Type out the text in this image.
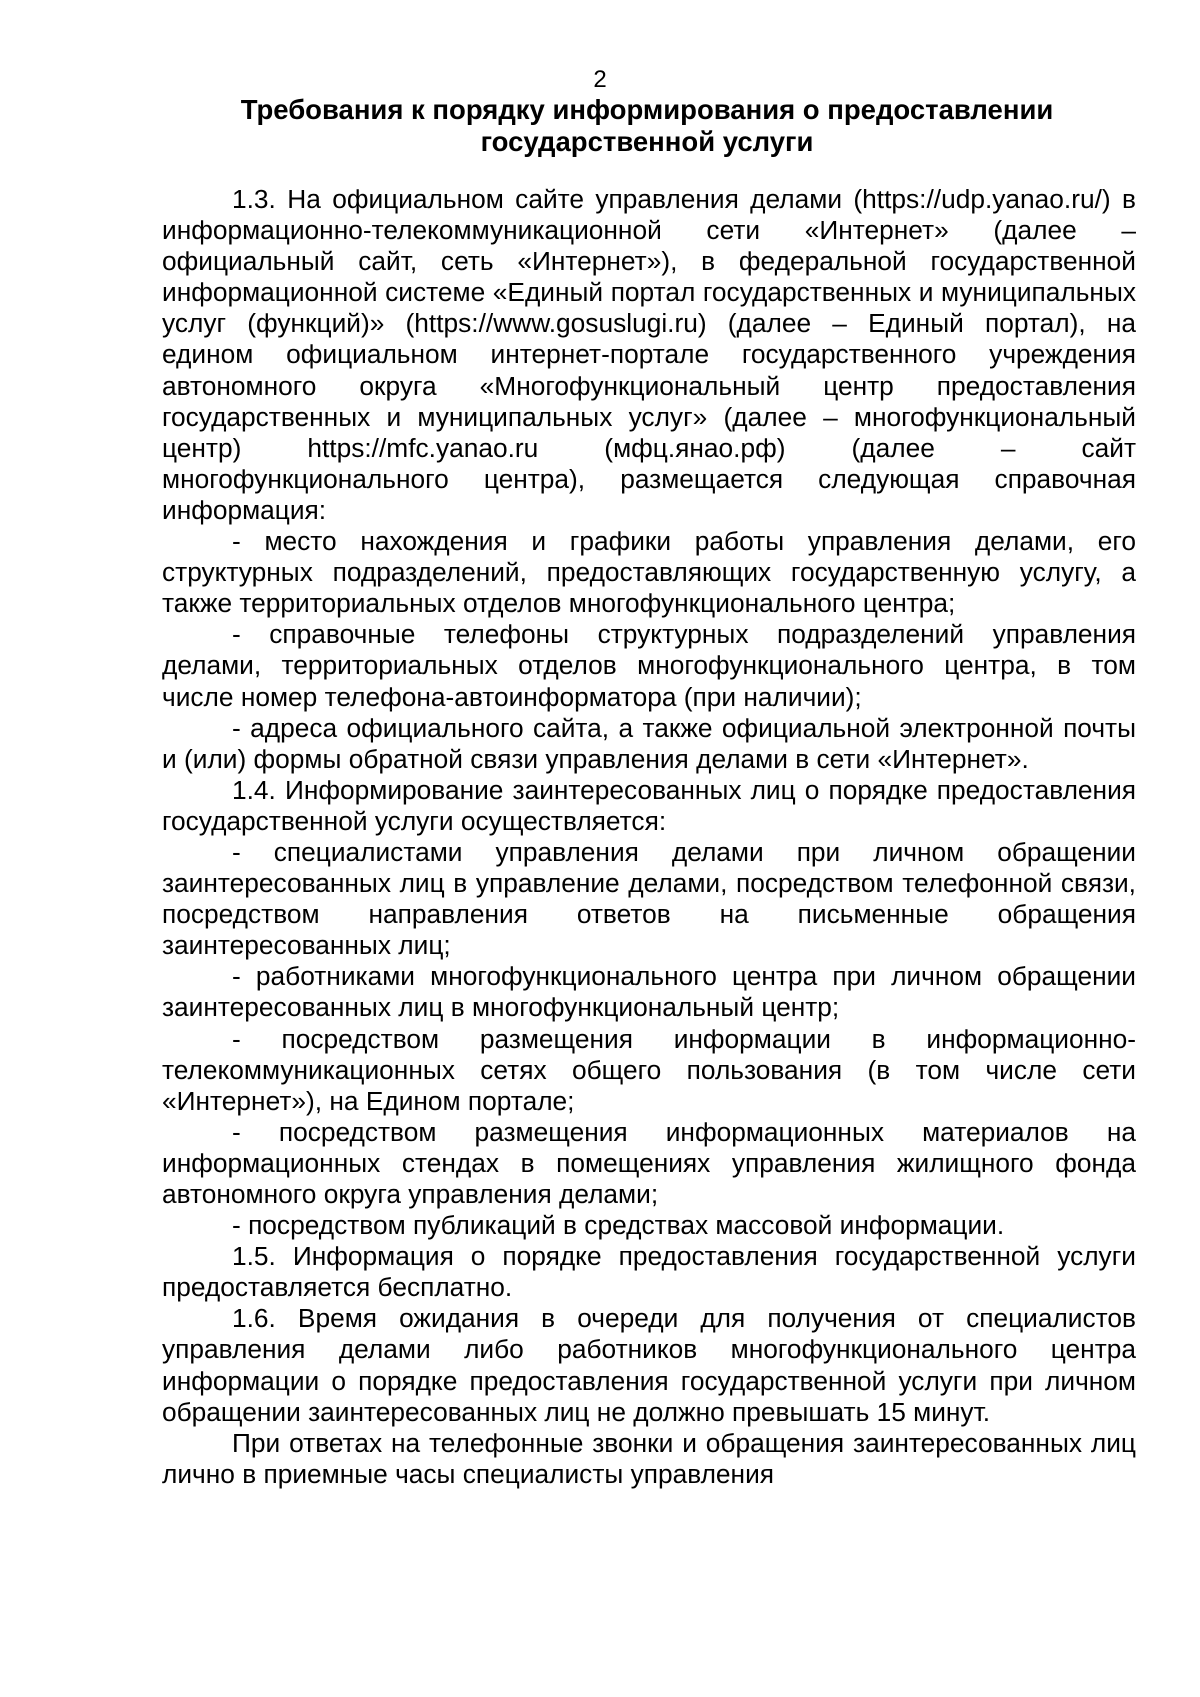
2
Требования к порядку информирования о предоставлении
государственной услуги

1.3. На официальном сайте управления делами (https://udp.yanao.ru/) в информационно-телекоммуникационной сети «Интернет» (далее – официальный сайт, сеть «Интернет»), в федеральной государственной информационной системе «Единый портал государственных и муниципальных услуг (функций)» (https://www.gosuslugi.ru) (далее – Единый портал), на едином официальном интернет-портале государственного учреждения автономного округа «Многофункциональный центр предоставления государственных и муниципальных услуг» (далее – многофункциональный центр) https://mfc.yanao.ru (мфц.янао.рф) (далее – сайт многофункционального центра), размещается следующая справочная информация:

- место нахождения и графики работы управления делами, его структурных подразделений, предоставляющих государственную услугу, а также территориальных отделов многофункционального центра;

- справочные телефоны структурных подразделений управления делами, территориальных отделов многофункционального центра, в том числе номер телефона-автоинформатора (при наличии);

- адреса официального сайта, а также официальной электронной почты и (или) формы обратной связи управления делами в сети «Интернет».

1.4. Информирование заинтересованных лиц о порядке предоставления государственной услуги осуществляется:

- специалистами управления делами при личном обращении заинтересованных лиц в управление делами, посредством телефонной связи, посредством направления ответов на письменные обращения заинтересованных лиц;

- работниками многофункционального центра при личном обращении заинтересованных лиц в многофункциональный центр;

- посредством размещения информации в информационно-телекоммуникационных сетях общего пользования (в том числе сети «Интернет»), на Едином портале;

- посредством размещения информационных материалов на информационных стендах в помещениях управления жилищного фонда автономного округа управления делами;

- посредством публикаций в средствах массовой информации.

1.5. Информация о порядке предоставления государственной услуги предоставляется бесплатно.

1.6. Время ожидания в очереди для получения от специалистов управления делами либо работников многофункционального центра информации о порядке предоставления государственной услуги при личном обращении заинтересованных лиц не должно превышать 15 минут.

При ответах на телефонные звонки и обращения заинтересованных лиц лично в приемные часы специалисты управления
